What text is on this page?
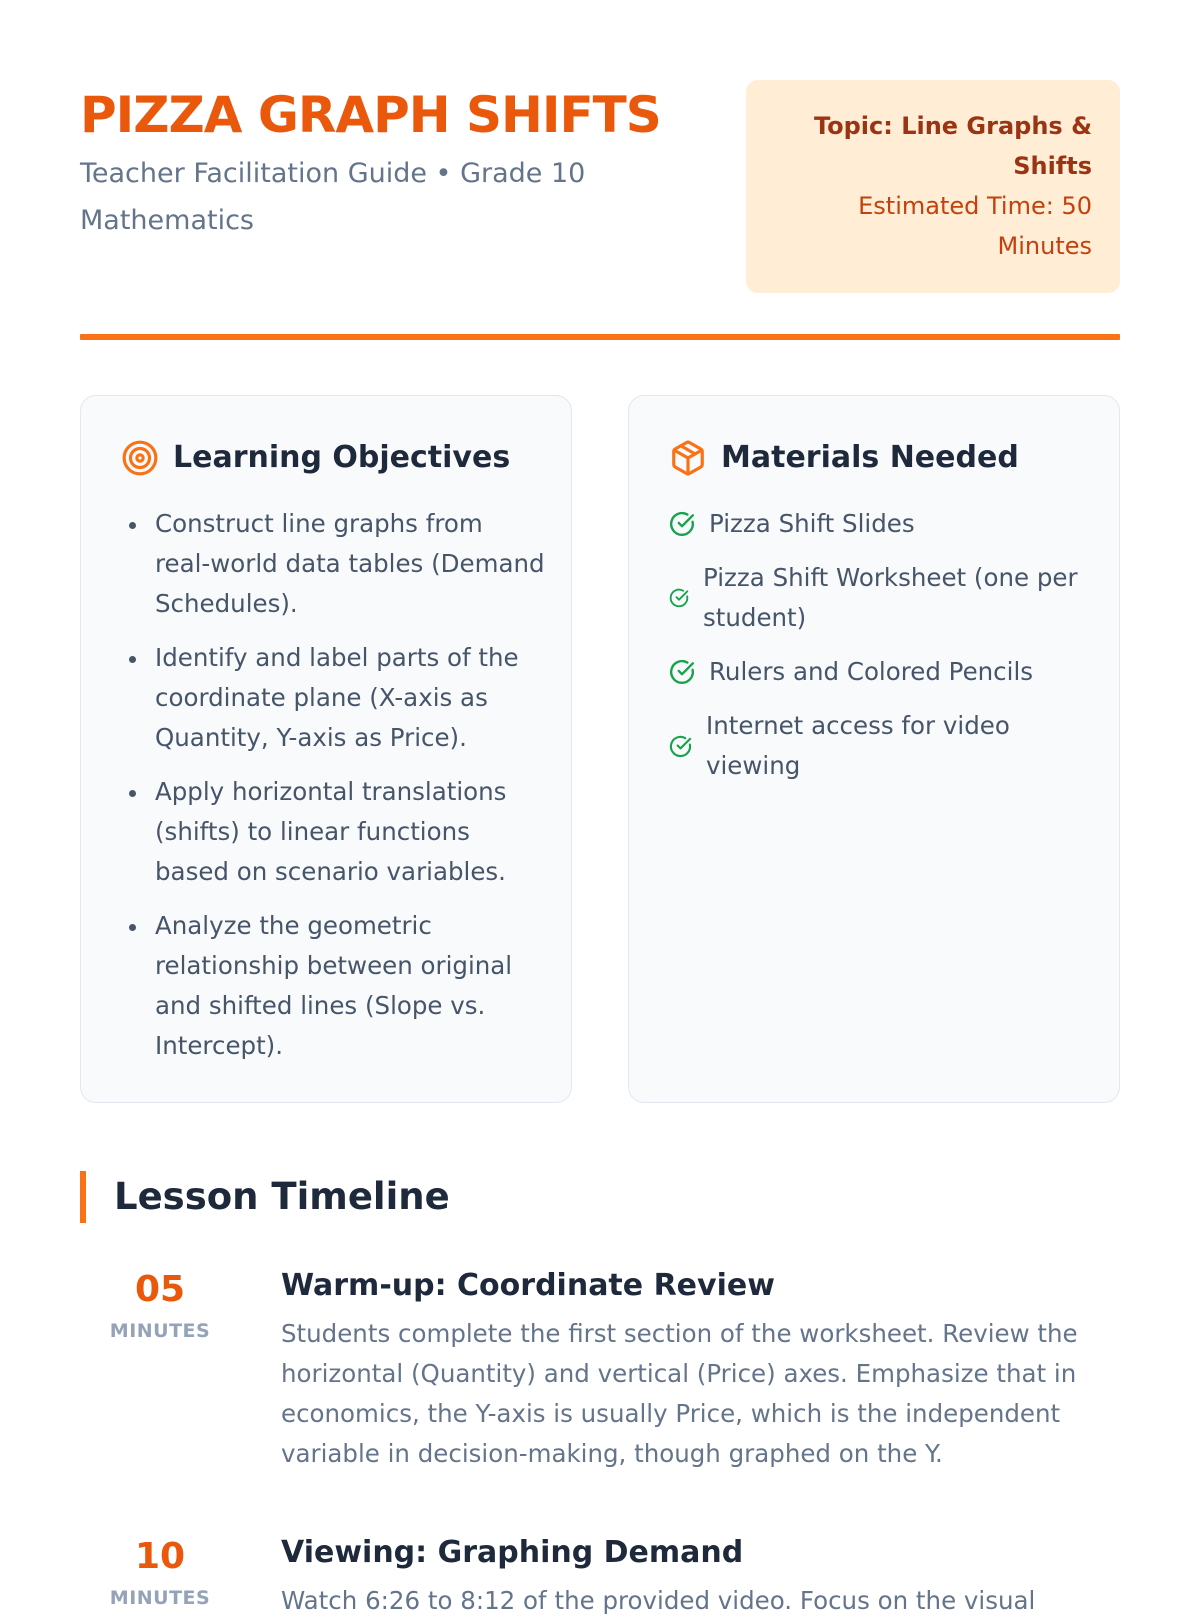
PIZZA GRAPH SHIFTS

Teacher Facilitation Guide • Grade 10 Mathematics

Topic: Line Graphs & Shifts
Estimated Time: 50 Minutes
Learning Objectives
Construct line graphs from real-world data tables (Demand Schedules).
Identify and label parts of the coordinate plane (X-axis as Quantity, Y-axis as Price).
Apply horizontal translations (shifts) to linear functions based on scenario variables.
Analyze the geometric relationship between original and shifted lines (Slope vs. Intercept).
Materials Needed
Pizza Shift Slides
Pizza Shift Worksheet (one per student)
Rulers and Colored Pencils
Internet access for video viewing
Lesson Timeline
05
MINUTES
Warm-up: Coordinate Review

Students complete the first section of the worksheet. Review the horizontal (Quantity) and vertical (Price) axes. Emphasize that in economics, the Y-axis is usually Price, which is the independent variable in decision-making, though graphed on the Y.

10
MINUTES
Viewing: Graphing Demand

Watch 6:26 to 8:12 of the provided video. Focus on the visual
